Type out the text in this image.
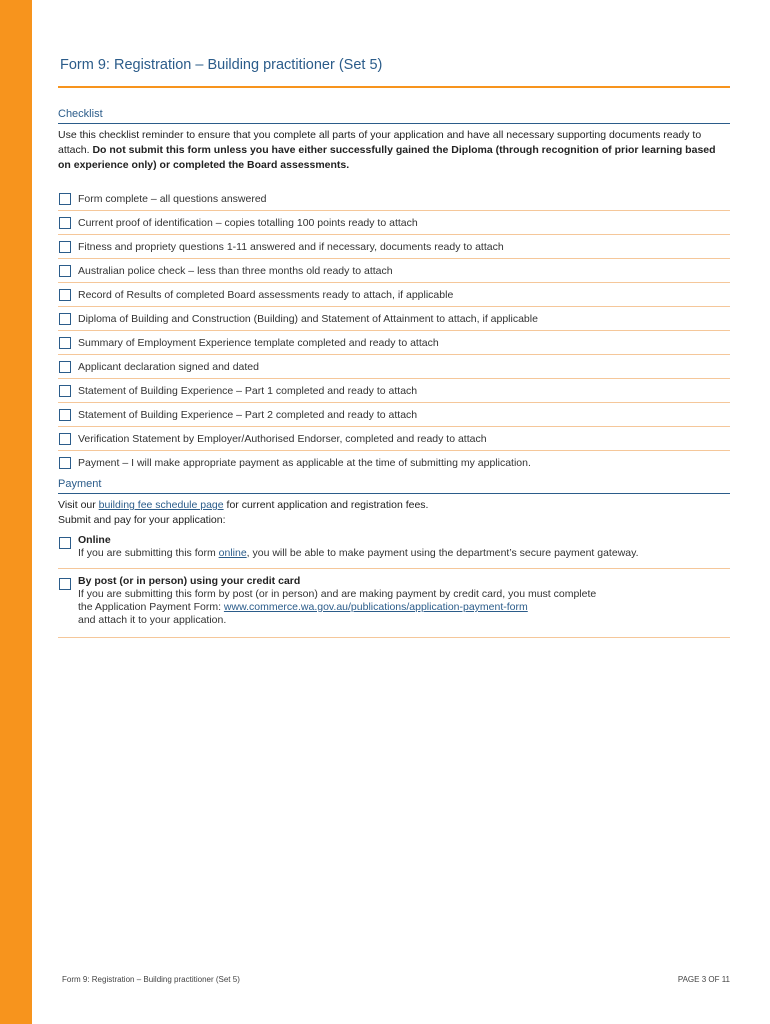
Form 9: Registration – Building practitioner (Set 5)
Checklist
Use this checklist reminder to ensure that you complete all parts of your application and have all necessary supporting documents ready to attach. Do not submit this form unless you have either successfully gained the Diploma (through recognition of prior learning based on experience only) or completed the Board assessments.
Form complete – all questions answered
Current proof of identification – copies totalling 100 points ready to attach
Fitness and propriety questions 1-11 answered and if necessary, documents ready to attach
Australian police check – less than three months old ready to attach
Record of Results of completed Board assessments ready to attach, if applicable
Diploma of Building and Construction (Building) and Statement of Attainment to attach, if applicable
Summary of Employment Experience template completed and ready to attach
Applicant declaration signed and dated
Statement of Building Experience – Part 1 completed and ready to attach
Statement of Building Experience – Part 2 completed and ready to attach
Verification Statement by Employer/Authorised Endorser, completed and ready to attach
Payment – I will make appropriate payment as applicable at the time of submitting my application.
Payment
Visit our building fee schedule page for current application and registration fees.
Submit and pay for your application:
Online
If you are submitting this form online, you will be able to make payment using the department’s secure payment gateway.
By post (or in person) using your credit card
If you are submitting this form by post (or in person) and are making payment by credit card, you must complete
the Application Payment Form: www.commerce.wa.gov.au/publications/application-payment-form
and attach it to your application.
Form 9: Registration – Building practitioner (Set 5)	PAGE 3 OF 11
